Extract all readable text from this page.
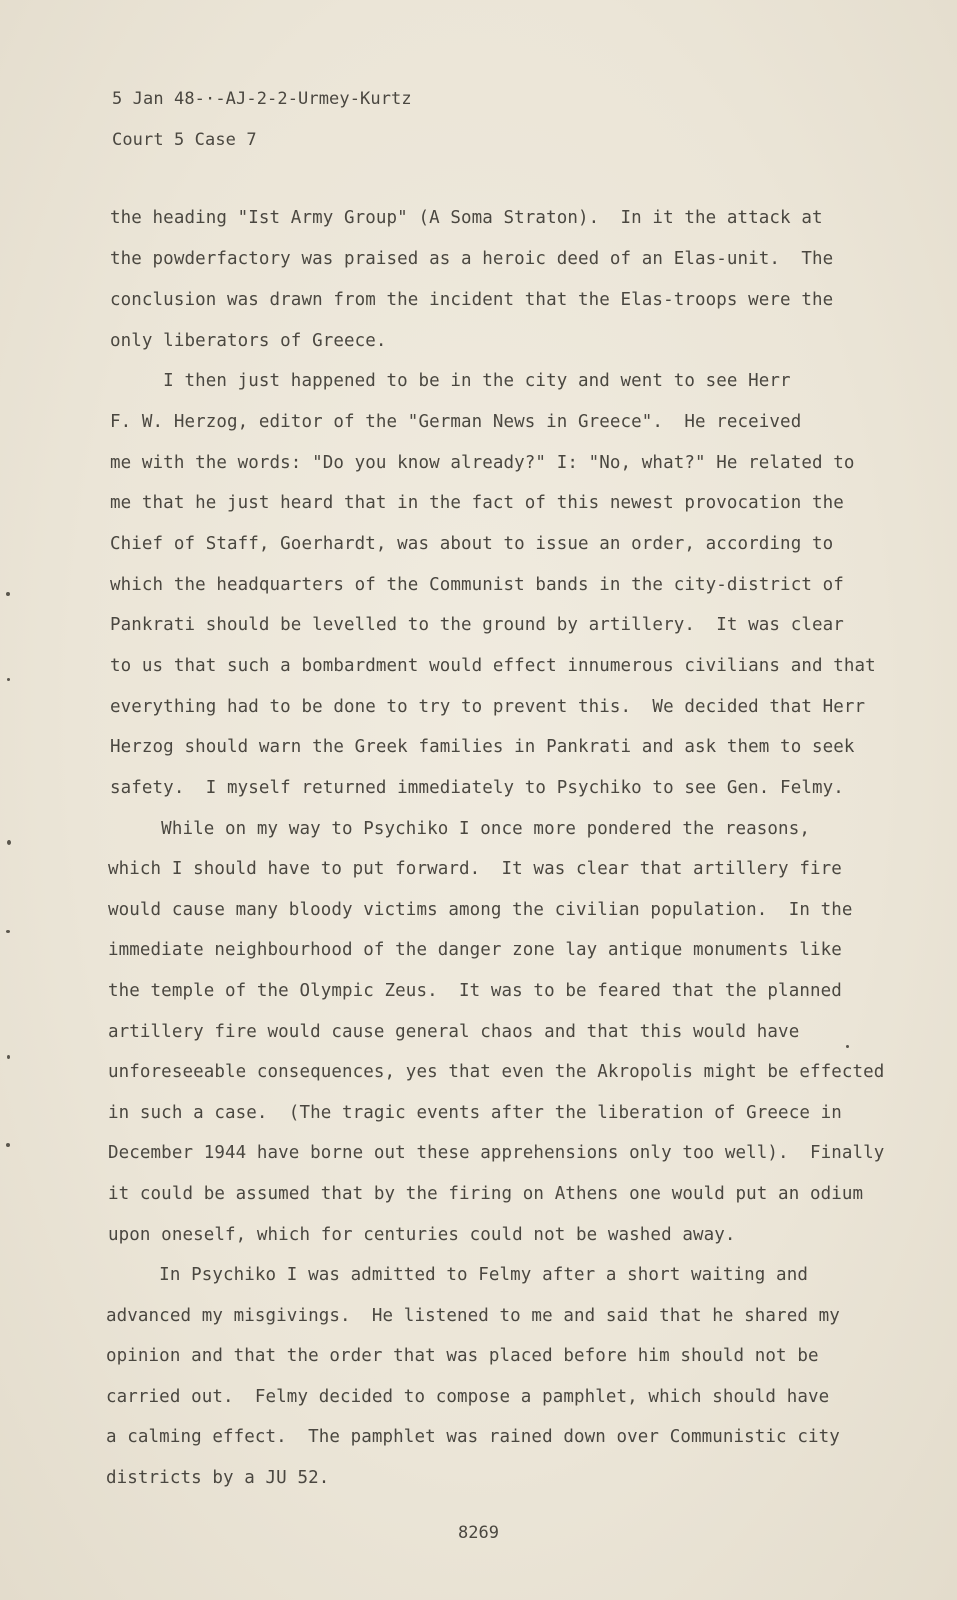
5 Jan 48-·-AJ-2-2-Urmey-Kurtz
Court 5 Case 7
the heading "Ist Army Group" (A Soma Straton).  In it the attack at
the powderfactory was praised as a heroic deed of an Elas-unit.  The
conclusion was drawn from the incident that the Elas-troops were the
only liberators of Greece.
I then just happened to be in the city and went to see Herr
F. W. Herzog, editor of the "German News in Greece".  He received
me with the words: "Do you know already?" I: "No, what?" He related to
me that he just heard that in the fact of this newest provocation the
Chief of Staff, Goerhardt, was about to issue an order, according to
which the headquarters of the Communist bands in the city-district of
Pankrati should be levelled to the ground by artillery.  It was clear
to us that such a bombardment would effect innumerous civilians and that
everything had to be done to try to prevent this.  We decided that Herr
Herzog should warn the Greek families in Pankrati and ask them to seek
safety.  I myself returned immediately to Psychiko to see Gen. Felmy.
While on my way to Psychiko I once more pondered the reasons,
which I should have to put forward.  It was clear that artillery fire
would cause many bloody victims among the civilian population.  In the
immediate neighbourhood of the danger zone lay antique monuments like
the temple of the Olympic Zeus.  It was to be feared that the planned
artillery fire would cause general chaos and that this would have
unforeseeable consequences, yes that even the Akropolis might be effected
in such a case.  (The tragic events after the liberation of Greece in
December 1944 have borne out these apprehensions only too well).  Finally
it could be assumed that by the firing on Athens one would put an odium
upon oneself, which for centuries could not be washed away.
In Psychiko I was admitted to Felmy after a short waiting and
advanced my misgivings.  He listened to me and said that he shared my
opinion and that the order that was placed before him should not be
carried out.  Felmy decided to compose a pamphlet, which should have
a calming effect.  The pamphlet was rained down over Communistic city
districts by a JU 52.
8269
